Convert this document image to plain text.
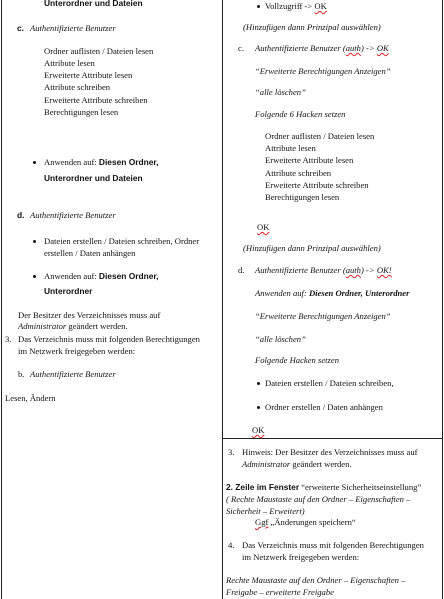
Unterordner und Dateien
c. Authentifizierte Benutzer
Ordner auflisten / Dateien lesen
Attribute lesen
Erweiterte Attribute lesen
Attribute schreiben
Erweiterte Attribute schreiben
Berechtigungen lesen
Anwenden auf: Diesen Ordner,
Unterordner und Dateien
d. Authentifizierte Benutzer
Dateien erstellen / Dateien schreiben, Ordner
erstellen / Daten anhängen
Anwenden auf: Diesen Ordner,
Unterordner
Der Besitzer des Verzeichnisses muss auf
Administrator geändert werden.
3. Das Verzeichnis muss mit folgenden Berechtigungen
im Netzwerk freigegeben werden:
b. Authentifizierte Benutzer
Lesen, Ändern
Vollzugriff -> OK
(Hinzufügen dann Prinzipal auswählen)
c. Authentifizierte Benutzer (auth) -> OK
“Erweiterte Berechtigungen Anzeigen”
“alle löschen”
Folgende 6 Hacken setzen
Ordner auflisten / Dateien lesen
Attribute lesen
Erweiterte Attribute lesen
Attribute schreiben
Erweiterte Attribute schreiben
Berechtigungen lesen
OK
(Hinzufügen dann Prinzipal auswählen)
d. Authentifizierte Benutzer (auth) -> OK!
Anwenden auf: Diesen Ordner, Unterordner
“Erweiterte Berechtigungen Anzeigen”
“alle löschen”
Folgende Hacken setzen
Dateien erstellen / Dateien schreiben,
Ordner erstellen / Daten anhängen
OK
3. Hinweis: Der Besitzer des Verzeichnisses muss auf
Administrator geändert werden.
2. Zeile im Fenster “erweiterte Sicherheitseinstellung”
( Rechte Maustaste auf den Ordner – Eigenschaften –
Sicherheit – Erweitert)
Ggf „Änderungen speichern“
4. Das Verzeichnis muss mit folgenden Berechtigungen
im Netzwerk freigegeben werden:
Rechte Maustaste auf den Ordner – Eigenschaften –
Freigabe – erweiterte Freigabe
